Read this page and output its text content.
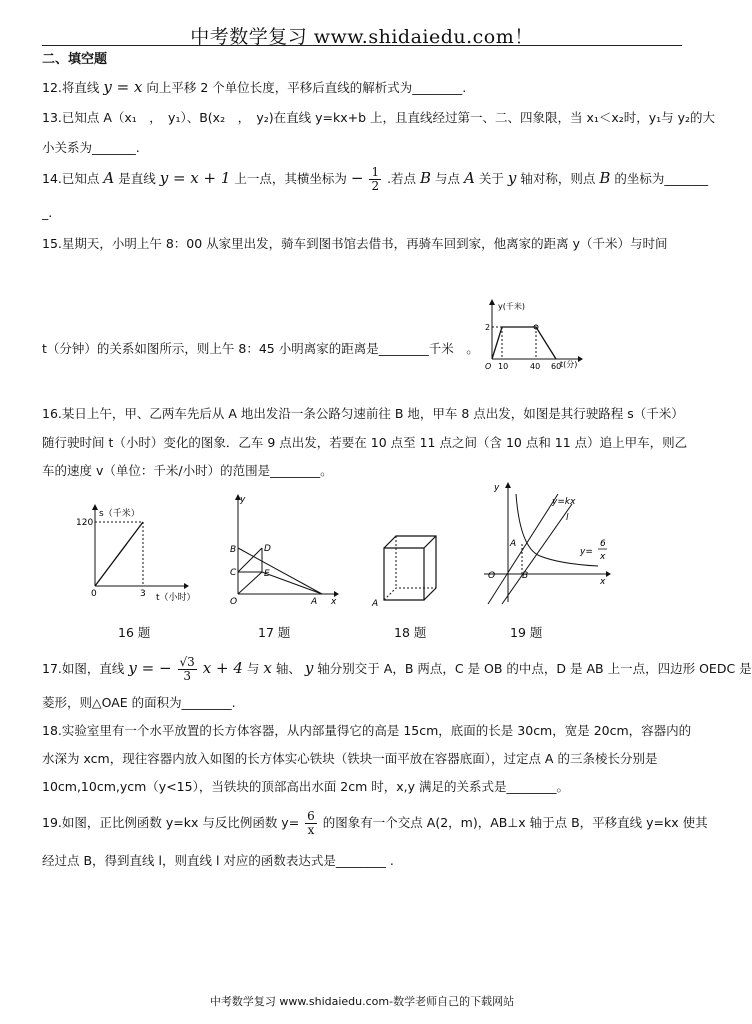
中考数学复习 www.shidaiedu.com！
二、填空题
12.将直线 y = x 向上平移 2 个单位长度，平移后直线的解析式为________.
13.已知点 A（x₁　，　y₁）、B(x₂　，　y₂)在直线 y=kx+b 上，且直线经过第一、二、四象限，当 x₁＜x₂时，y₁与 y₂的大
小关系为_______.
14.已知点 A 是直线 y = x + 1 上一点，其横坐标为 − $\frac{1}{2}$ .若点 B 与点 A 关于 y 轴对称，则点 B 的坐标为_______
_.
15.星期天，小明上午 8：00 从家里出发，骑车到图书馆去借书，再骑车回到家，他离家的距离 y（千米）与时间
t（分钟）的关系如图所示，则上午 8：45 小明离家的距离是________千米　。
y(千米)
t(分)
2
10	40 60
O
16.某日上午，甲、乙两车先后从 A 地出发沿一条公路匀速前往 B 地，甲车 8 点出发，如图是其行驶路程 s（千米）
随行驶时间 t（小时）变化的图象．乙车 9 点出发，若要在 10 点至 11 点之间（含 10 点和 11 点）追上甲车，则乙
车的速度 v（单位：千米/小时）的范围是________。
s（千米）
120
3
0	t（小时）
y
B	D
C	E
O	A x	A
y
y=kx
l
A
O	B
x
y=
6
x
16 题	17 题	18 题	19 题
17.如图，直线 y = − $\frac{√3}{3}$ x + 4 与 x 轴、 y 轴分别交于 A，B 两点，C 是 OB 的中点，D 是 AB 上一点，四边形 OEDC 是
菱形，则△OAE 的面积为________.
18.实验室里有一个水平放置的长方体容器，从内部量得它的高是 15cm，底面的长是 30cm，宽是 20cm，容器内的
水深为 xcm，现往容器内放入如图的长方体实心铁块（铁块一面平放在容器底面），过定点 A 的三条棱长分别是
10cm,10cm,ycm（y<15），当铁块的顶部高出水面 2cm 时，x,y 满足的关系式是________。
19.如图，正比例函数 y=kx 与反比例函数 $y= \frac{6}{x}$ 的图象有一个交点 A(2，m)，AB⊥x 轴于点 B，平移直线 y=kx 使其
经过点 B，得到直线 l，则直线 l 对应的函数表达式是________ .
中考数学复习 www.shidaiedu.com-数学老师自己的下载网站
